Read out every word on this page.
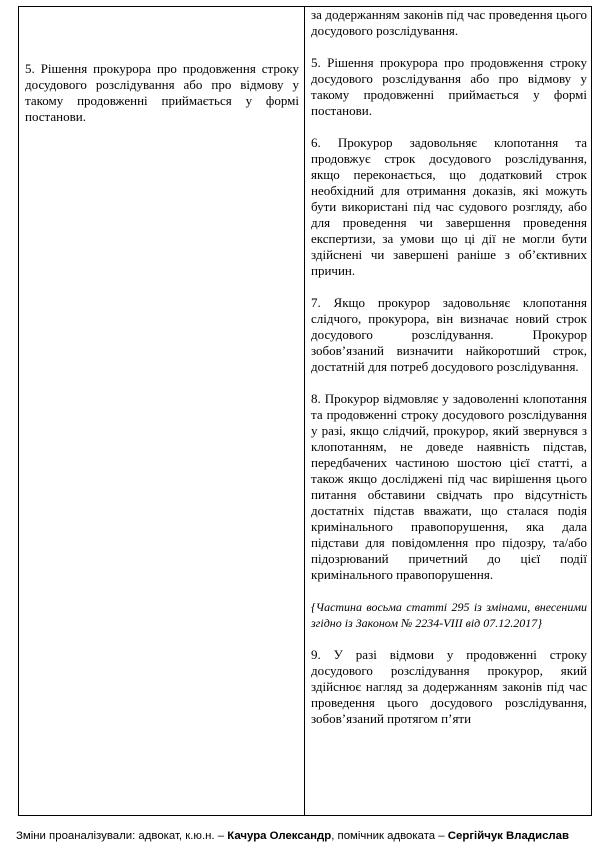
5. Рішення прокурора про продовження строку досудового розслідування або про відмову у такому продовженні приймається у формі постанови.

за додержанням законів під час проведення цього досудового розслідування.

5. Рішення прокурора про продовження строку досудового розслідування або про відмову у такому продовженні приймається у формі постанови.

6. Прокурор задовольняє клопотання та продовжує строк досудового розслідування, якщо переконається, що додатковий строк необхідний для отримання доказів, які можуть бути використані під час судового розгляду, або для проведення чи завершення проведення експертизи, за умови що ці дії не могли бути здійснені чи завершені раніше з об’єктивних причин.

7. Якщо прокурор задовольняє клопотання слідчого, прокурора, він визначає новий строк досудового розслідування. Прокурор зобов’язаний визначити найкоротший строк, достатній для потреб досудового розслідування.

8. Прокурор відмовляє у задоволенні клопотання та продовженні строку досудового розслідування у разі, якщо слідчий, прокурор, який звернувся з клопотанням, не доведе наявність підстав, передбачених частиною шостою цієї статті, а також якщо досліджені під час вирішення цього питання обставини свідчать про відсутність достатніх підстав вважати, що сталася подія кримінального правопорушення, яка дала підстави для повідомлення про підозру, та/або підозрюваний причетний до цієї події кримінального правопорушення.

{Частина восьма статті 295 із змінами, внесеними згідно із Законом № 2234-VIII від 07.12.2017}

9. У разі відмови у продовженні строку досудового розслідування прокурор, який здійснює нагляд за додержанням законів під час проведення цього досудового розслідування, зобов’язаний протягом п’яти

Зміни проаналізували: адвокат, к.ю.н. – Качура Олександр, помічник адвоката – Сергійчук Владислав
